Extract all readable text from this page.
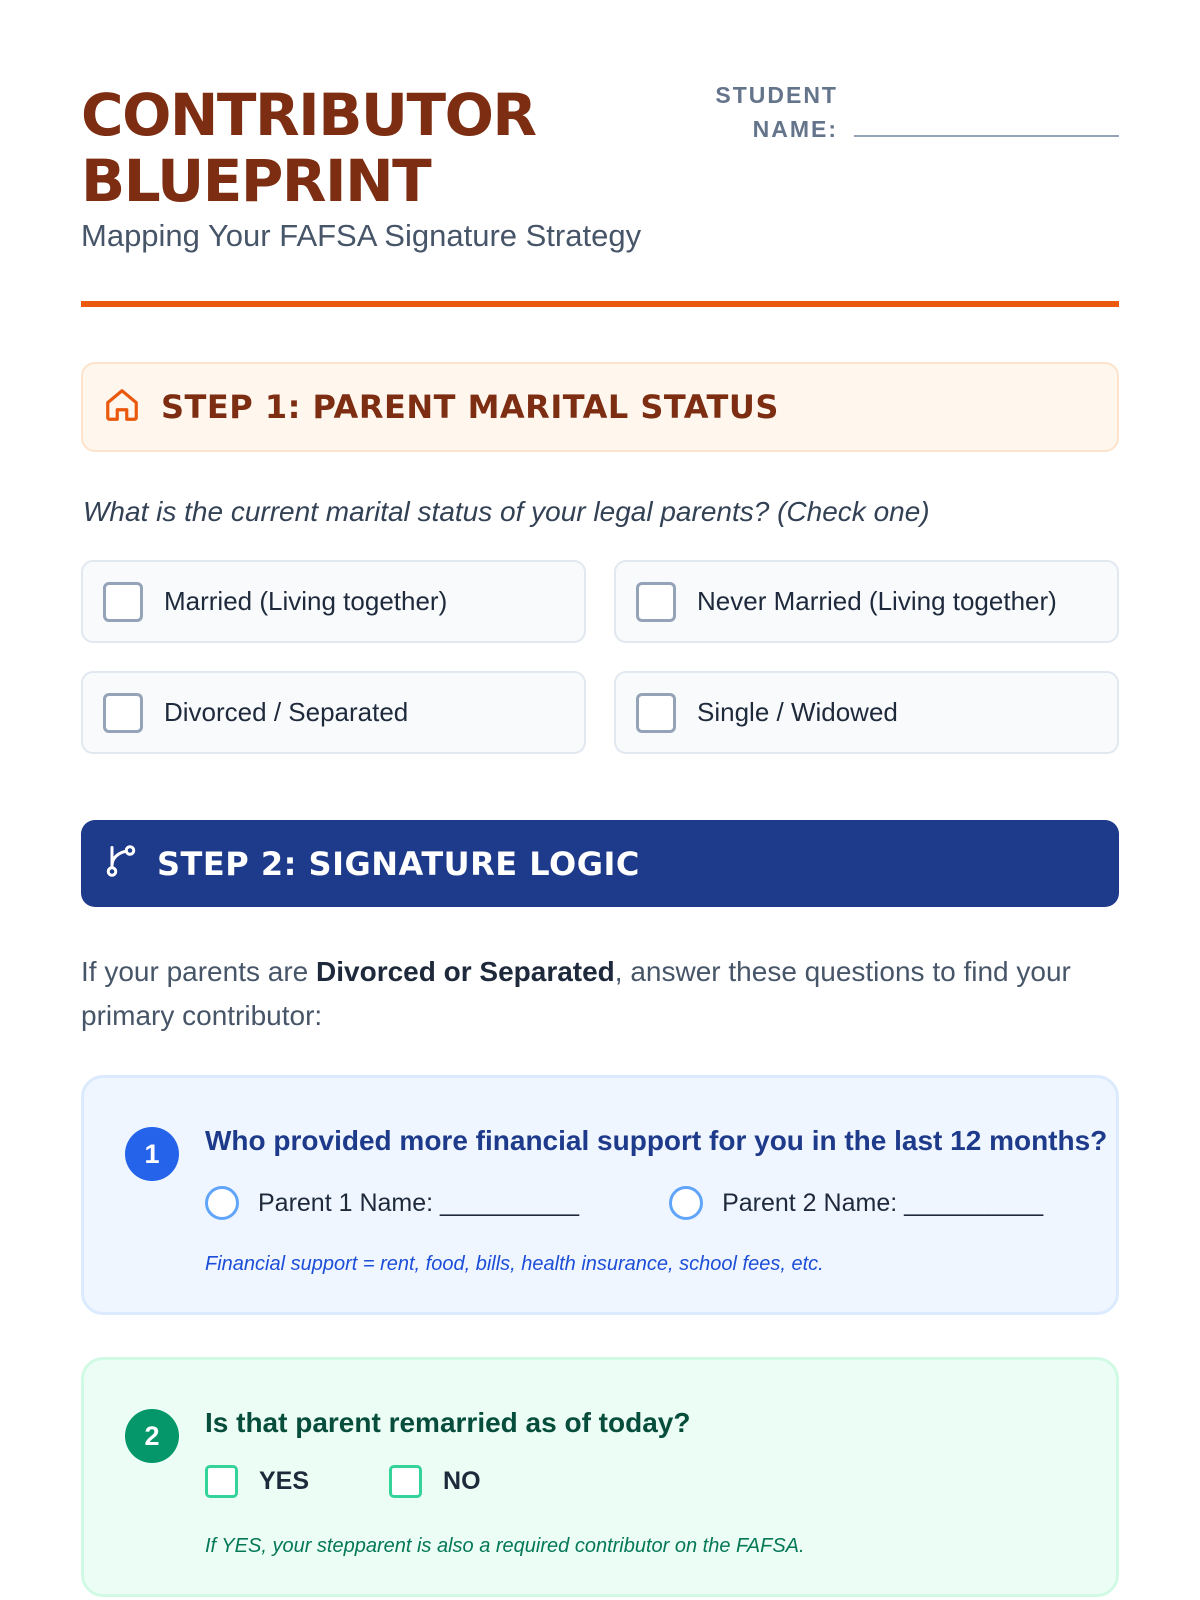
CONTRIBUTOR
BLUEPRINT
Mapping Your FAFSA Signature Strategy
STUDENT
NAME:
STEP 1: PARENT MARITAL STATUS
What is the current marital status of your legal parents? (Check one)
Married (Living together)	Never Married (Living together)
Divorced / Separated	Single / Widowed
STEP 2: SIGNATURE LOGIC

If your parents are Divorced or Separated, answer these questions to find your primary contributor:

1	Who provided more financial support for you in the last 12 months?
Parent 1 Name: __________	Parent 2 Name: __________
Financial support = rent, food, bills, health insurance, school fees, etc.
2	Is that parent remarried as of today?
YES	NO
If YES, your stepparent is also a required contributor on the FAFSA.
